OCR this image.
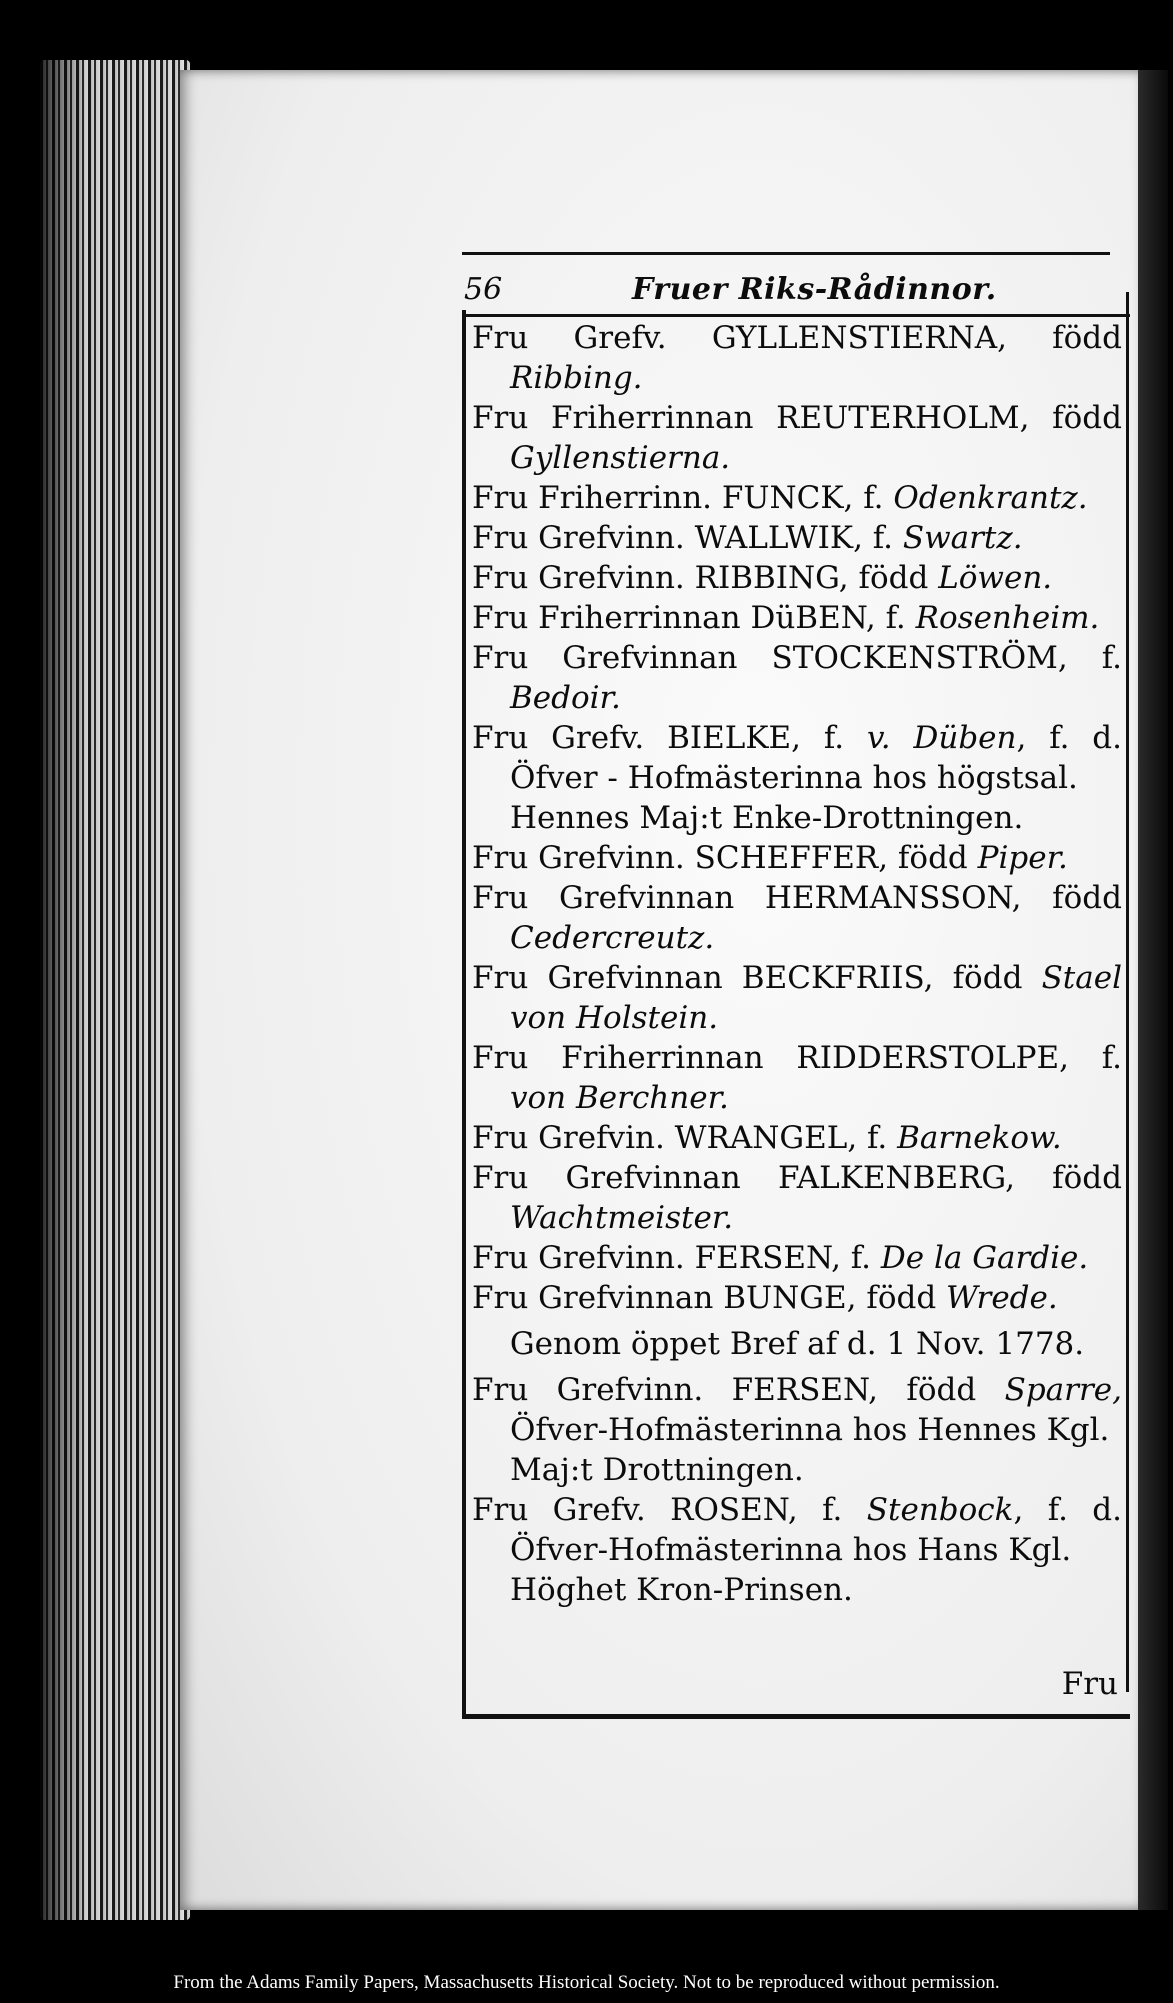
56	Fruer Riks-Rådinnor.
Fru Grefv. GYLLENSTIERNA, född
Ribbing.
Fru Friherrinnan REUTERHOLM, född
Gyllenstierna.
Fru Friherrinn. FUNCK, f. Odenkrantz.
Fru Grefvinn. WALLWIK, f. Swartz.
Fru Grefvinn. RIBBING, född Löwen.
Fru Friherrinnan DüBEN, f. Rosenheim.
Fru Grefvinnan STOCKENSTRÖM, f.
Bedoir.
Fru Grefv. BIELKE, f. v. Düben, f. d.
Öfver - Hofmästerinna hos högstsal.
Hennes Maj:t Enke-Drottningen.
Fru Grefvinn. SCHEFFER, född Piper.
Fru Grefvinnan HERMANSSON, född
Cedercreutz.
Fru Grefvinnan BECKFRIIS, född Stael
von Holstein.
Fru Friherrinnan RIDDERSTOLPE, f.
von Berchner.
Fru Grefvin. WRANGEL, f. Barnekow.
Fru Grefvinnan FALKENBERG, född
Wachtmeister.
Fru Grefvinn. FERSEN, f. De la Gardie.
Fru Grefvinnan BUNGE, född Wrede.
Genom öppet Bref af d. 1 Nov. 1778.
Fru Grefvinn. FERSEN, född Sparre,
Öfver-Hofmästerinna hos Hennes Kgl.
Maj:t Drottningen.
Fru Grefv. ROSEN, f. Stenbock, f. d.
Öfver-Hofmästerinna hos Hans Kgl.
Höghet Kron-Prinsen.
Fru
From the Adams Family Papers, Massachusetts Historical Society. Not to be reproduced without permission.
